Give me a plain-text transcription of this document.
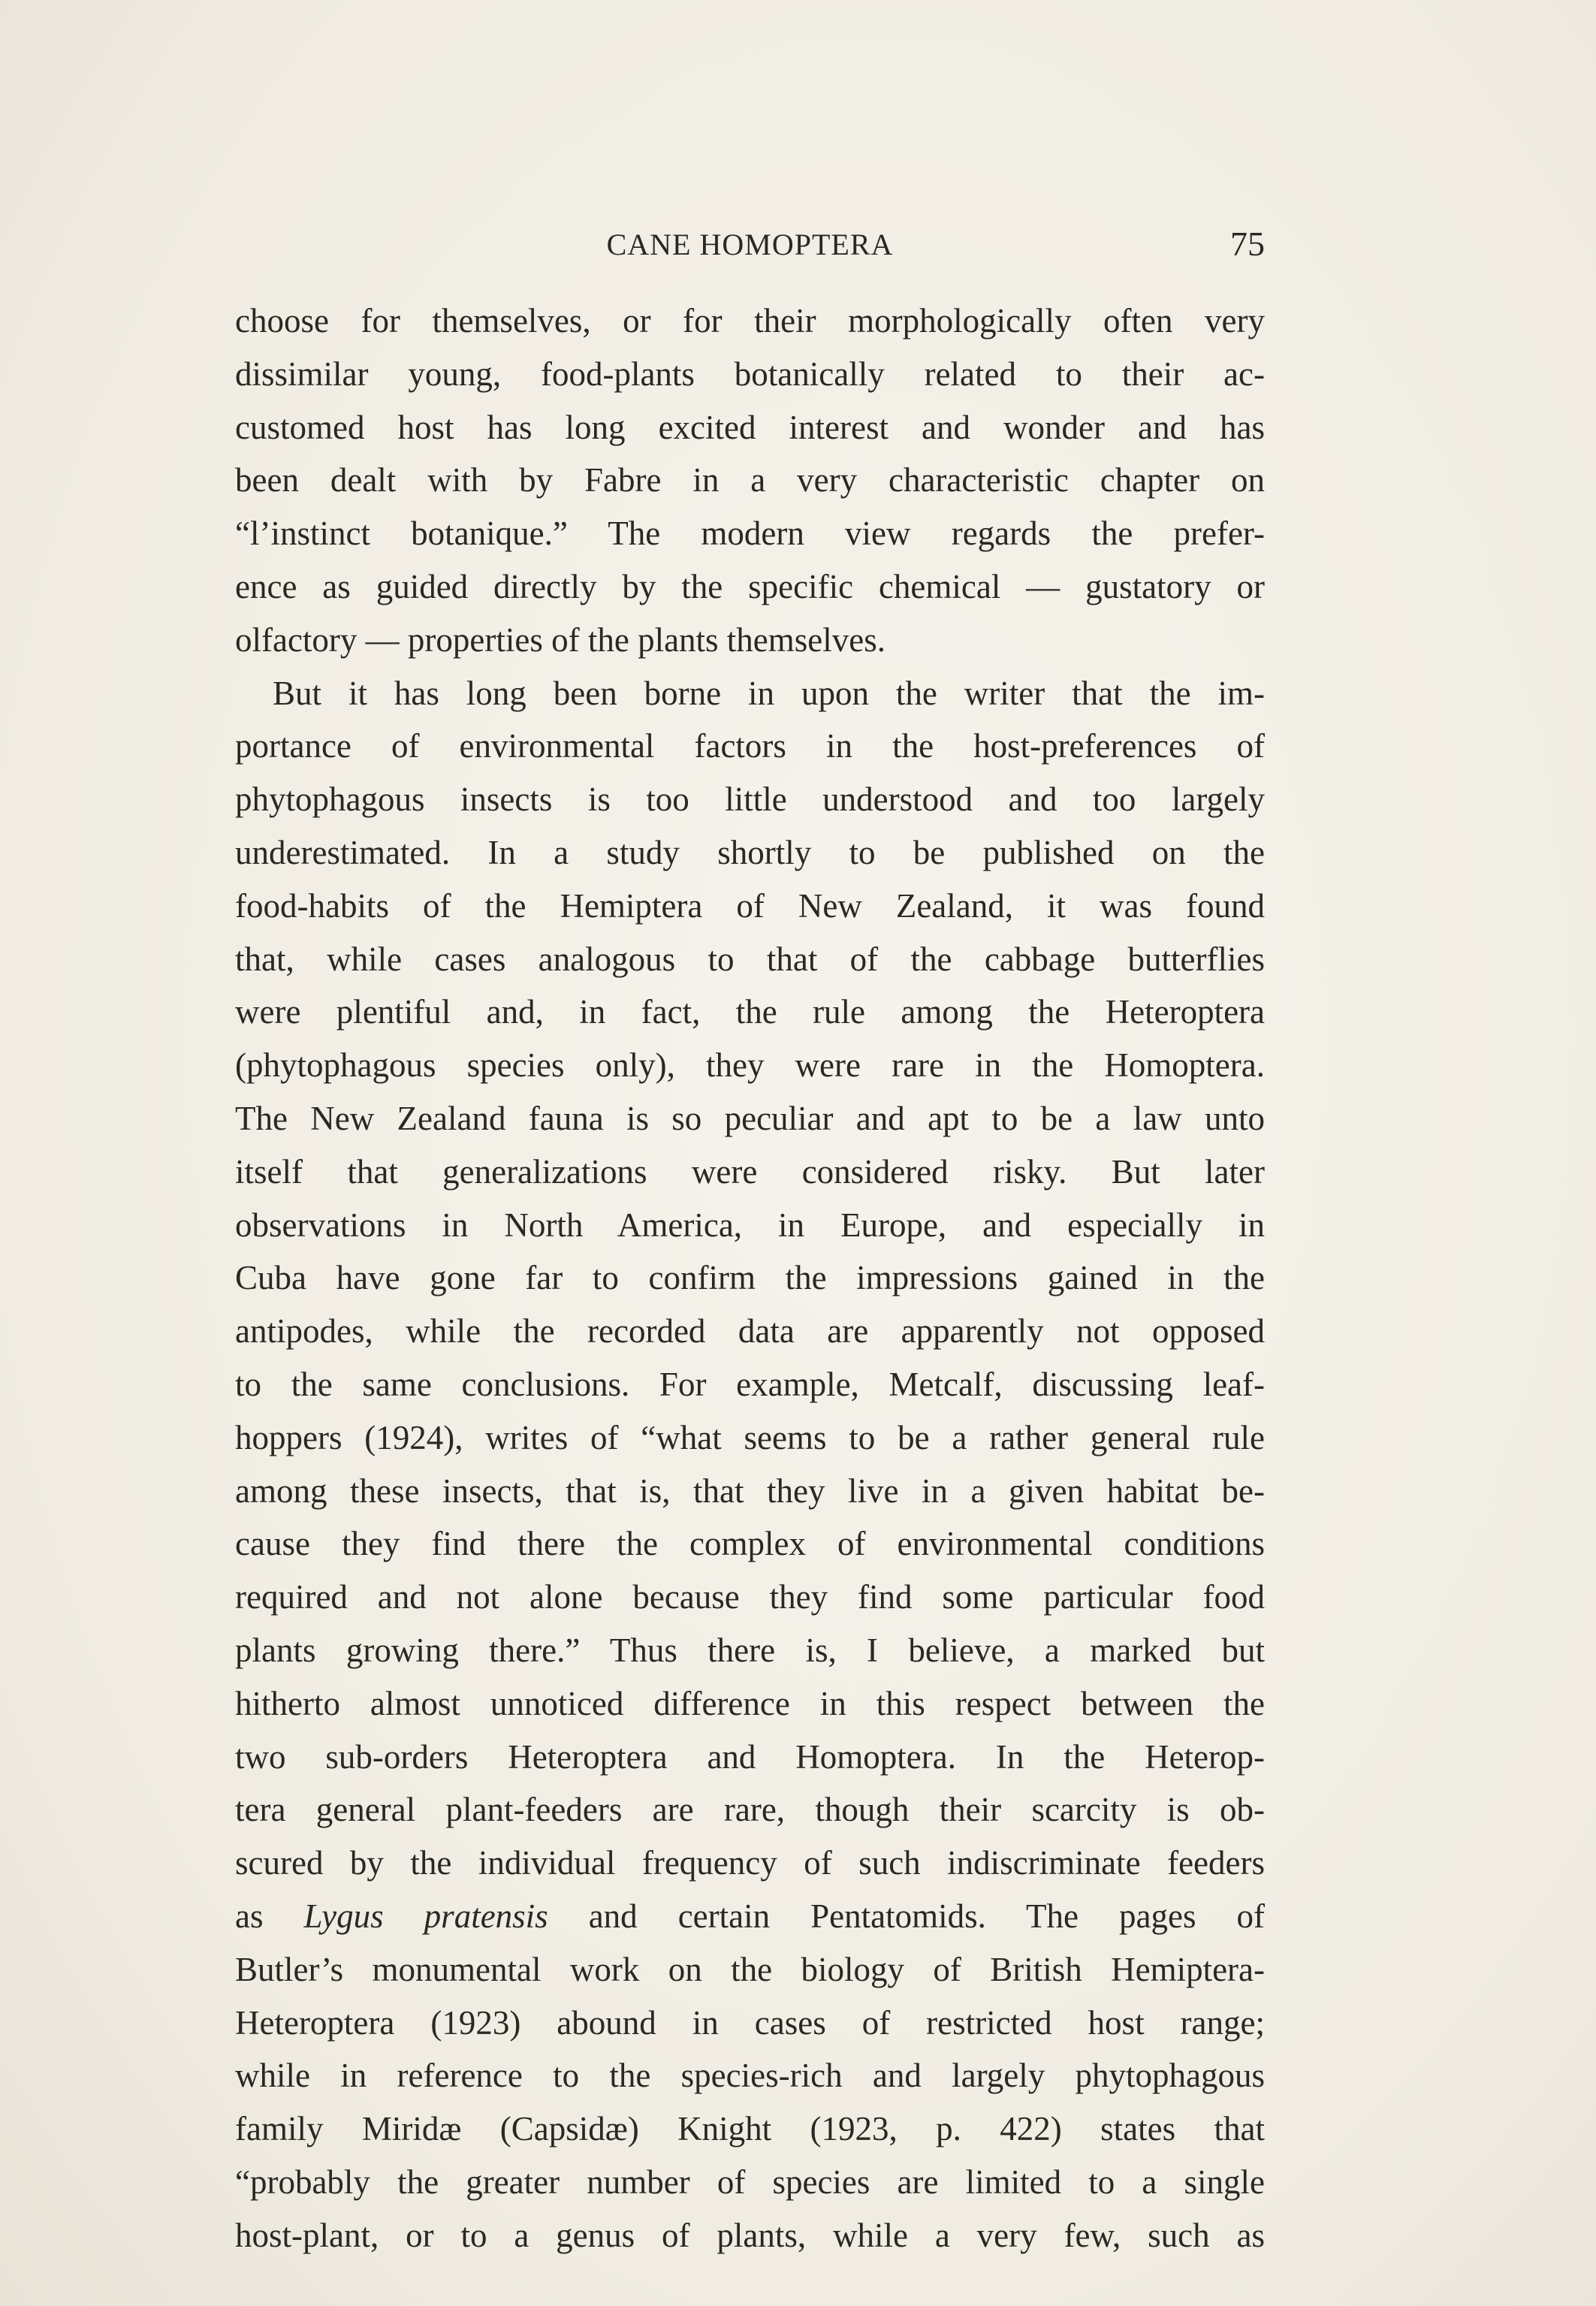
CANE HOMOPTERA	75
choose for themselves, or for their morphologically often very
dissimilar young, food-plants botanically related to their ac-
customed host has long excited interest and wonder and has
been dealt with by Fabre in a very characteristic chapter on
“l’instinct botanique.” The modern view regards the prefer-
ence as guided directly by the specific chemical — gustatory or
olfactory — properties of the plants themselves.
But it has long been borne in upon the writer that the im-
portance of environmental factors in the host-preferences of
phytophagous insects is too little understood and too largely
underestimated. In a study shortly to be published on the
food-habits of the Hemiptera of New Zealand, it was found
that, while cases analogous to that of the cabbage butterflies
were plentiful and, in fact, the rule among the Heteroptera
(phytophagous species only), they were rare in the Homoptera.
The New Zealand fauna is so peculiar and apt to be a law unto
itself that generalizations were considered risky. But later
observations in North America, in Europe, and especially in
Cuba have gone far to confirm the impressions gained in the
antipodes, while the recorded data are apparently not opposed
to the same conclusions. For example, Metcalf, discussing leaf-
hoppers (1924), writes of “what seems to be a rather general rule
among these insects, that is, that they live in a given habitat be-
cause they find there the complex of environmental conditions
required and not alone because they find some particular food
plants growing there.” Thus there is, I believe, a marked but
hitherto almost unnoticed difference in this respect between the
two sub-orders Heteroptera and Homoptera. In the Heterop-
tera general plant-feeders are rare, though their scarcity is ob-
scured by the individual frequency of such indiscriminate feeders
as Lygus pratensis and certain Pentatomids. The pages of
Butler’s monumental work on the biology of British Hemiptera-
Heteroptera (1923) abound in cases of restricted host range;
while in reference to the species-rich and largely phytophagous
family Miridæ (Capsidæ) Knight (1923, p. 422) states that
“probably the greater number of species are limited to a single
host-plant, or to a genus of plants, while a very few, such as
